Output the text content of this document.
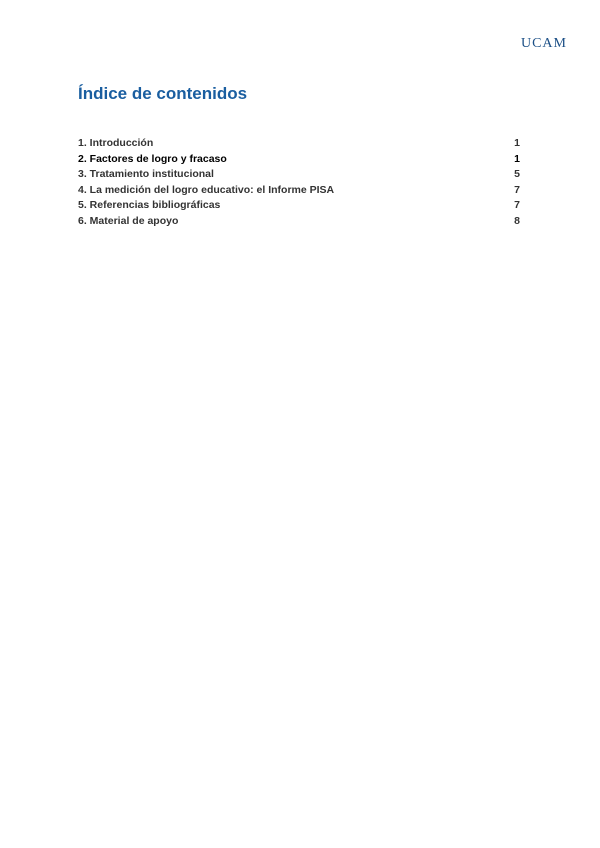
UCAM
Índice de contenidos
1. Introducción	1
2. Factores de logro y fracaso	1
3. Tratamiento institucional	5
4. La medición del logro educativo: el Informe PISA	7
5. Referencias bibliográficas	7
6. Material de apoyo	8
